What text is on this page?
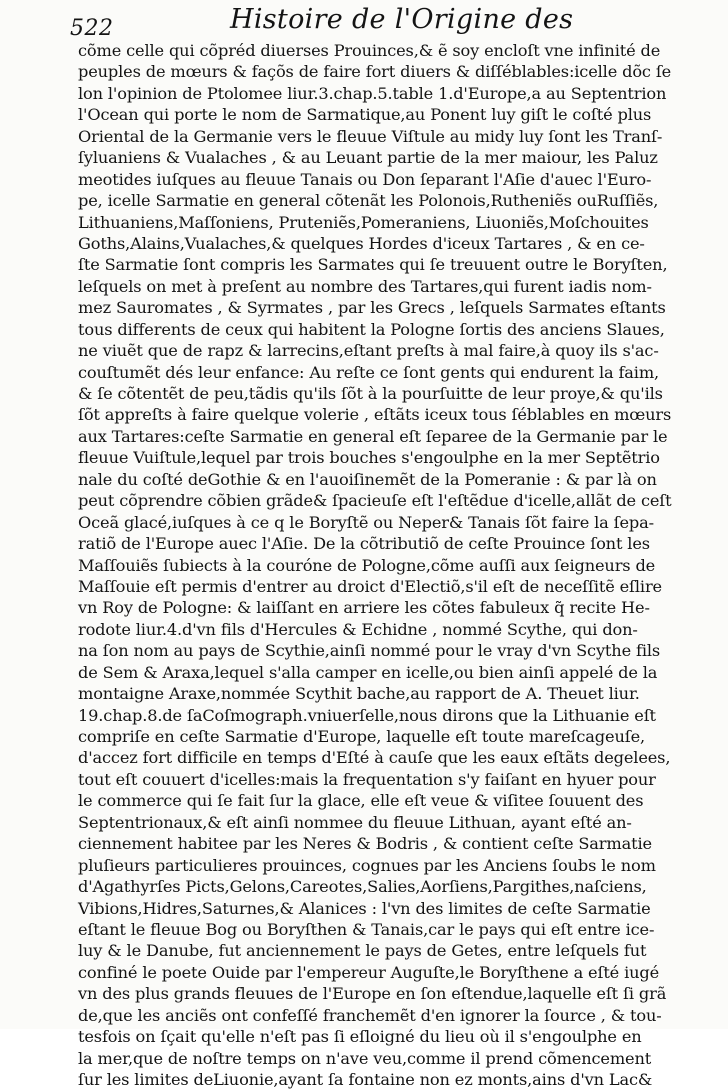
522	Histoire de l'Origine des
cõme celle qui cõpréd diuerses Prouinces,& ẽ soy encloſt vne infinité de
peuples de mœurs & façõs de faire fort diuers & diſſéblables:icelle dõc ſe
lon l'opinion de Ptolomee liur.3.chap.5.table 1.d'Europe,a au Septentrion
l'Ocean qui porte le nom de Sarmatique,au Ponent luy giſt le coſté plus
Oriental de la Germanie vers le fleuue Viſtule au midy luy ſont les Tranſ-
ſyluaniens & Vualaches , & au Leuant partie de la mer maiour, les Paluz
meotides iuſques au fleuue Tanais ou Don ſeparant l'Aſie d'auec l'Euro-
pe, icelle Sarmatie en general cõtenãt les Polonois,Rutheniẽs ouRuſſiẽs,
Lithuaniens,Maſſoniens, Pruteniẽs,Pomeraniens, Liuoniẽs,Moſchouites
Goths,Alains,Vualaches,& quelques Hordes d'iceux Tartares , & en ce-
ſte Sarmatie ſont compris les Sarmates qui ſe treuuent outre le Boryſten,
leſquels on met à preſent au nombre des Tartares,qui furent iadis nom-
mez Sauromates , & Syrmates , par les Grecs , leſquels Sarmates eſtants
tous differents de ceux qui habitent la Pologne ſortis des anciens Slaues,
ne viuẽt que de rapz & larrecins,eſtant preſts à mal faire,à quoy ils s'ac-
couſtumẽt dés leur enfance: Au reſte ce ſont gents qui endurent la faim,
& ſe cõtentẽt de peu,tãdis qu'ils ſõt à la pourſuitte de leur proye,& qu'ils
ſõt appreſts à faire quelque volerie , eſtãts iceux tous ſéblables en mœurs
aux Tartares:ceſte Sarmatie en general eſt ſeparee de la Germanie par le
fleuue Vuiſtule,lequel par trois bouches s'engoulphe en la mer Septẽtrio
nale du coſté deGothie & en l'auoiſinemẽt de la Pomeranie : & par là on
peut cõprendre cõbien grãde& ſpacieuſe eſt l'eſtẽdue d'icelle,allãt de ceſt
Oceã glacé,iuſques à ce q le Boryſtẽ ou Neper& Tanais ſõt faire la ſepa-
ratiõ de l'Europe auec l'Aſie. De la cõtributiõ de ceſte Prouince ſont les
Maſſouiẽs ſubiects à la couróne de Pologne,cõme auſſi aux ſeigneurs de
Maſſouie eſt permis d'entrer au droict d'Electiõ,s'il eſt de neceſſitẽ eſlire
vn Roy de Pologne: & laiſſant en arriere les cõtes fabuleux q̃ recite He-
rodote liur.4.d'vn fils d'Hercules & Echidne , nommé Scythe, qui don-
na ſon nom au pays de Scythie,ainſi nommé pour le vray d'vn Scythe fils
de Sem & Araxa,lequel s'alla camper en icelle,ou bien ainſi appelé de la
montaigne Araxe,nommée Scythit bache,au rapport de A. Theuet liur.
19.chap.8.de ſaCoſmograph.vniuerſelle,nous dirons que la Lithuanie eſt
compriſe en ceſte Sarmatie d'Europe, laquelle eſt toute mareſcageuſe,
d'accez fort difficile en temps d'Eſté à cauſe que les eaux eſtãts degelees,
tout eſt couuert d'icelles:mais la frequentation s'y faiſant en hyuer pour
le commerce qui ſe fait ſur la glace, elle eſt veue & viſitee ſouuent des
Septentrionaux,& eſt ainſi nommee du fleuue Lithuan, ayant eſté an-
ciennement habitee par les Neres & Bodris , & contient ceſte Sarmatie
pluſieurs particulieres prouinces, cognues par les Anciens ſoubs le nom
d'Agathyrſes Picts,Gelons,Careotes,Salies,Aorſiens,Pargithes,naſciens,
Vibions,Hidres,Saturnes,& Alanices : l'vn des limites de ceſte Sarmatie
eſtant le fleuue Bog ou Boryſthen & Tanais,car le pays qui eſt entre ice-
luy & le Danube, fut anciennement le pays de Getes, entre leſquels fut
confiné le poete Ouide par l'empereur Auguſte,le Boryſthene a eſté iugé
vn des plus grands fleuues de l'Europe en ſon eſtendue,laquelle eſt ſi grã
de,que les anciẽs ont confeſſé franchemẽt d'en ignorer la ſource , & tou-
tesfois on ſçait qu'elle n'eſt pas ſi eſloigné du lieu où il s'engoulphe en
la mer,que de noſtre temps on n'ave veu,comme il prend cõmencement
ſur les limites deLiuonie,ayant ſa fontaine non ez monts,ains d'vn Lac&
